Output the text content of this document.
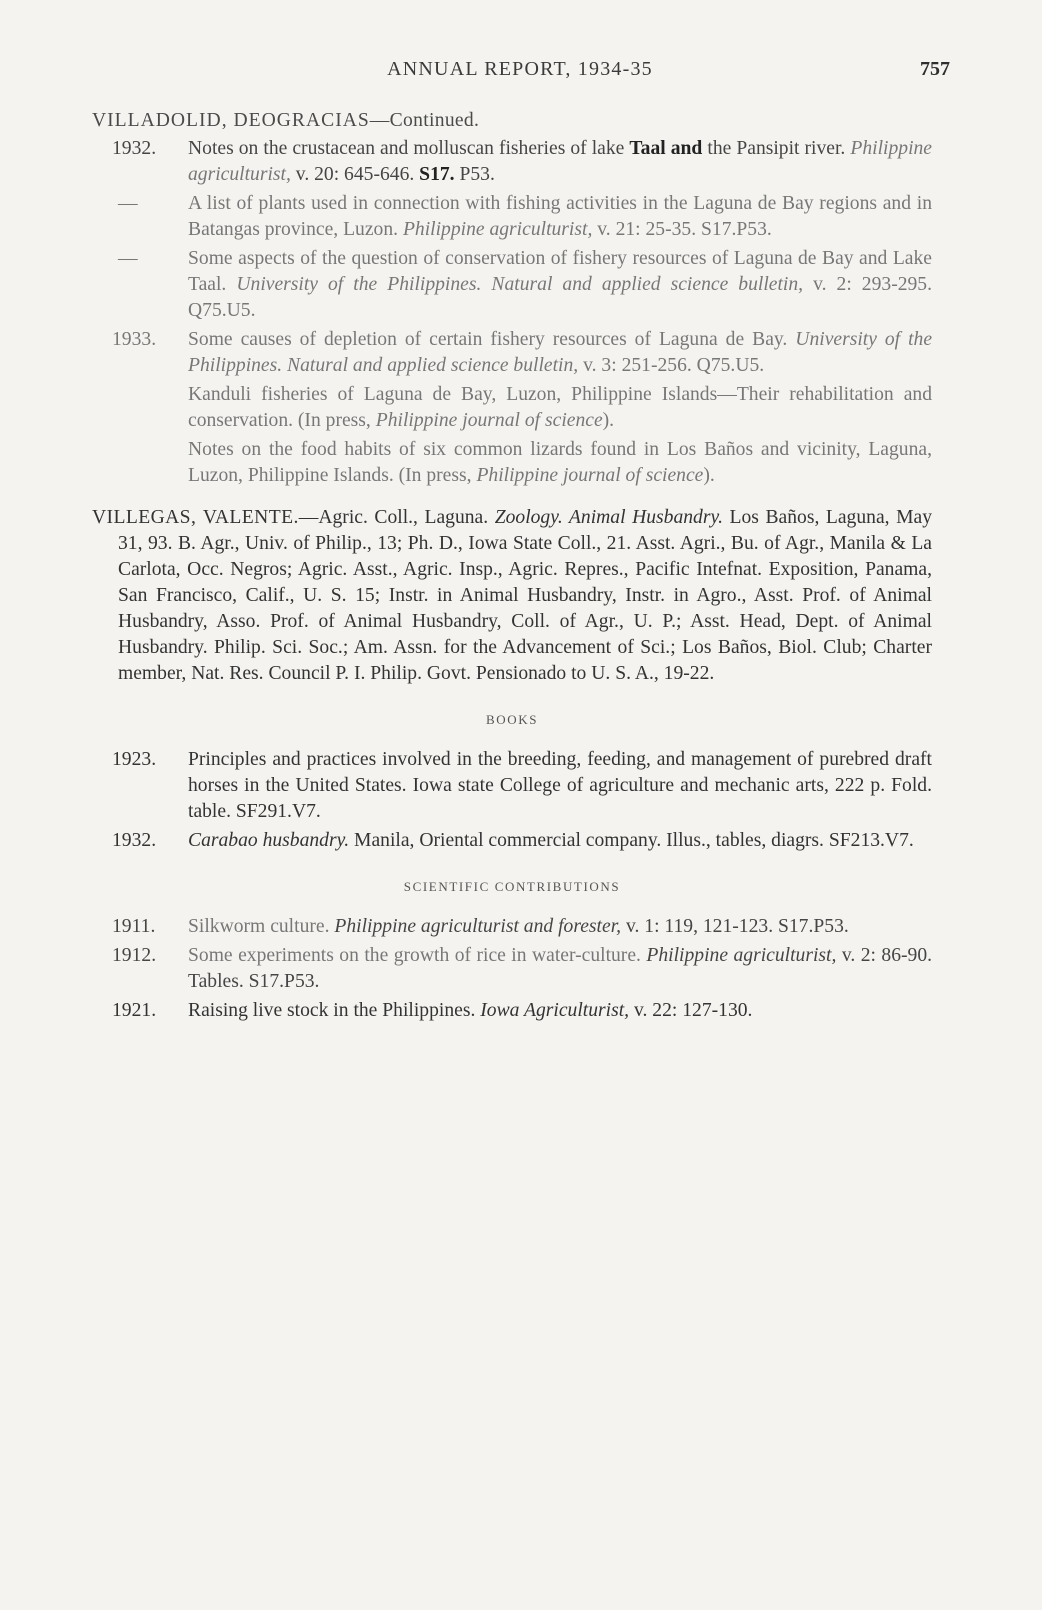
ANNUAL REPORT, 1934-35	757
VILLADOLID, DEOGRACIAS—Continued.
1932.	Notes on the crustacean and molluscan fisheries of lake Taal and the Pansipit river. Philippine agriculturist, v. 20: 645-646. S17. P53.
—	A list of plants used in connection with fishing activities in the Laguna de Bay regions and in Batangas province, Luzon. Philippine agriculturist, v. 21: 25-35. S17.P53.
—	Some aspects of the question of conservation of fishery resources of Laguna de Bay and Lake Taal. University of the Philippines. Natural and applied science bulletin, v. 2: 293-295. Q75.U5.
1933.	Some causes of depletion of certain fishery resources of Laguna de Bay. University of the Philippines. Natural and applied science bulletin, v. 3: 251-256. Q75.U5.
Kanduli fisheries of Laguna de Bay, Luzon, Philippine Islands—Their rehabilitation and conservation. (In press, Philippine journal of science).
Notes on the food habits of six common lizards found in Los Baños and vicinity, Laguna, Luzon, Philippine Islands. (In press, Philippine journal of science).
VILLEGAS, VALENTE.—Agric. Coll., Laguna. Zoology. Animal Husbandry. Los Baños, Laguna, May 31, 93. B. Agr., Univ. of Philip., 13; Ph. D., Iowa State Coll., 21. Asst. Agri., Bu. of Agr., Manila & La Carlota, Occ. Negros; Agric. Asst., Agric. Insp., Agric. Repres., Pacific Intefnat. Exposition, Panama, San Francisco, Calif., U. S. 15; Instr. in Animal Husbandry, Instr. in Agro., Asst. Prof. of Animal Husbandry, Asso. Prof. of Animal Husbandry, Coll. of Agr., U. P.; Asst. Head, Dept. of Animal Husbandry. Philip. Sci. Soc.; Am. Assn. for the Advancement of Sci.; Los Baños, Biol. Club; Charter member, Nat. Res. Council P. I. Philip. Govt. Pensionado to U. S. A., 19-22.
BOOKS
1923.	Principles and practices involved in the breeding, feeding, and management of purebred draft horses in the United States. Iowa state College of agriculture and mechanic arts, 222 p. Fold. table. SF291.V7.
1932.	Carabao husbandry. Manila, Oriental commercial company. Illus., tables, diagrs. SF213.V7.
SCIENTIFIC CONTRIBUTIONS
1911.	Silkworm culture. Philippine agriculturist and forester, v. 1: 119, 121-123. S17.P53.
1912.	Some experiments on the growth of rice in water-culture. Philippine agriculturist, v. 2: 86-90. Tables. S17.P53.
1921.	Raising live stock in the Philippines. Iowa Agriculturist, v. 22: 127-130.
